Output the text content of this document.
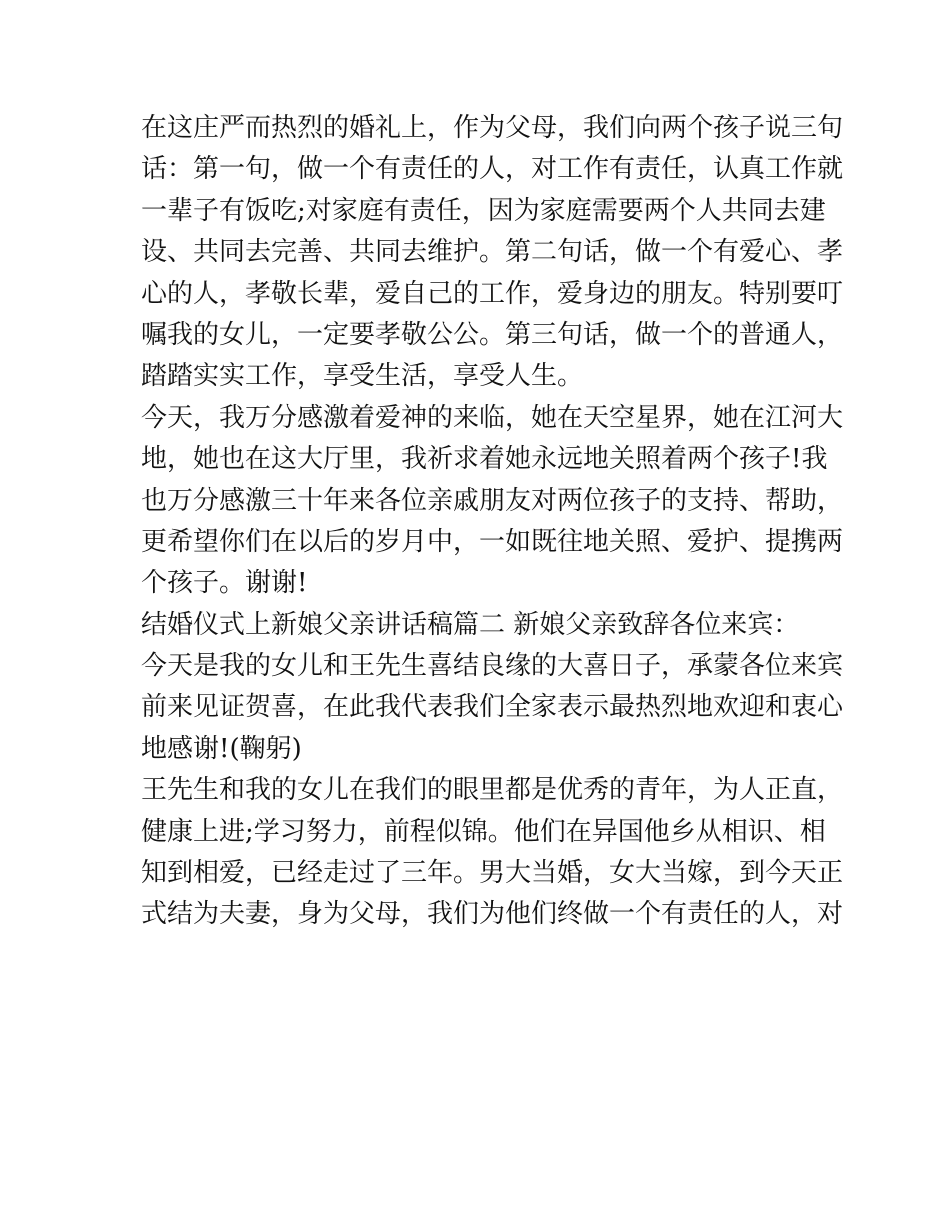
在这庄严而热烈的婚礼上，作为父母，我们向两个孩子说三句
话：第一句，做一个有责任的人，对工作有责任，认真工作就
一辈子有饭吃;对家庭有责任，因为家庭需要两个人共同去建
设、共同去完善、共同去维护。第二句话，做一个有爱心、孝
心的人，孝敬长辈，爱自己的工作，爱身边的朋友。特别要叮
嘱我的女儿，一定要孝敬公公。第三句话，做一个的普通人，
踏踏实实工作，享受生活，享受人生。
今天，我万分感激着爱神的来临，她在天空星界，她在江河大
地，她也在这大厅里，我祈求着她永远地关照着两个孩子!我
也万分感激三十年来各位亲戚朋友对两位孩子的支持、帮助，
更希望你们在以后的岁月中，一如既往地关照、爱护、提携两
个孩子。谢谢!
结婚仪式上新娘父亲讲话稿篇二 新娘父亲致辞各位来宾：
今天是我的女儿和王先生喜结良缘的大喜日子，承蒙各位来宾
前来见证贺喜，在此我代表我们全家表示最热烈地欢迎和衷心
地感谢!(鞠躬)
王先生和我的女儿在我们的眼里都是优秀的青年，为人正直，
健康上进;学习努力，前程似锦。他们在异国他乡从相识、相
知到相爱，已经走过了三年。男大当婚，女大当嫁，到今天正
式结为夫妻，身为父母，我们为他们终做一个有责任的人，对
